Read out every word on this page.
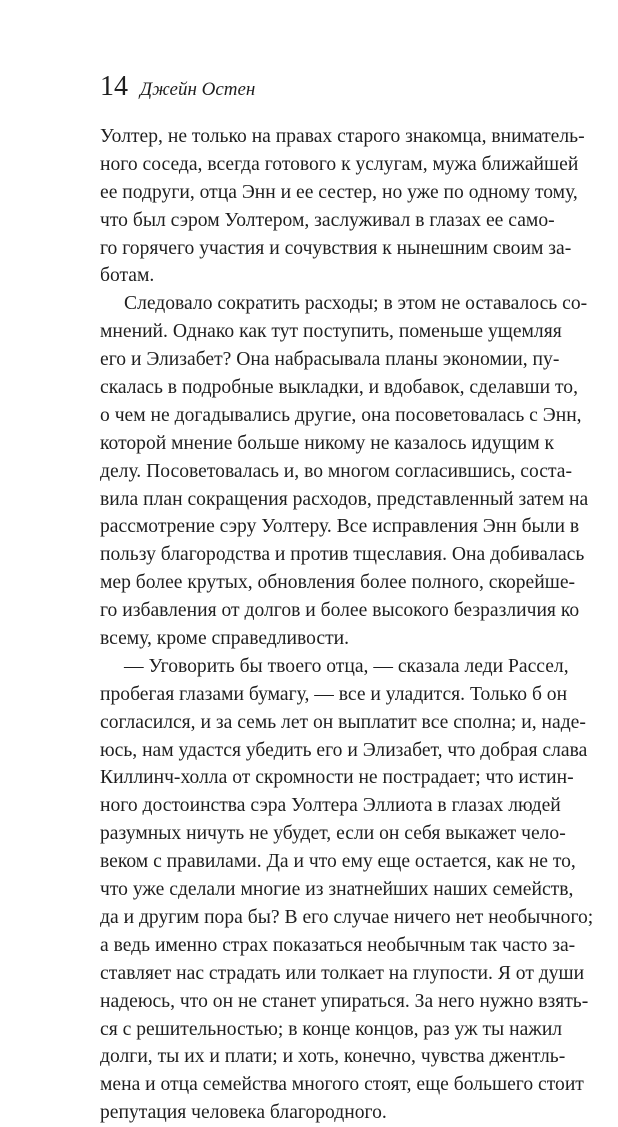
14 Джейн Остен
Уолтер, не только на правах старого знакомца, вниматель-
ного соседа, всегда готового к услугам, мужа ближайшей
ее подруги, отца Энн и ее сестер, но уже по одному тому,
что был сэром Уолтером, заслуживал в глазах ее само-
го горячего участия и сочувствия к нынешним своим за-
ботам.
Следовало сократить расходы; в этом не оставалось со-
мнений. Однако как тут поступить, поменьше ущемляя
его и Элизабет? Она набрасывала планы экономии, пу-
скалась в подробные выкладки, и вдобавок, сделавши то,
о чем не догадывались другие, она посоветовалась с Энн,
которой мнение больше никому не казалось идущим к
делу. Посоветовалась и, во многом согласившись, соста-
вила план сокращения расходов, представленный затем на
рассмотрение сэру Уолтеру. Все исправления Энн были в
пользу благородства и против тщеславия. Она добивалась
мер более крутых, обновления более полного, скорейше-
го избавления от долгов и более высокого безразличия ко
всему, кроме справедливости.
— Уговорить бы твоего отца, — сказала леди Рассел,
пробегая глазами бумагу, — все и уладится. Только б он
согласился, и за семь лет он выплатит все сполна; и, наде-
юсь, нам удастся убедить его и Элизабет, что добрая слава
Киллинч-холла от скромности не пострадает; что истин-
ного достоинства сэра Уолтера Эллиота в глазах людей
разумных ничуть не убудет, если он себя выкажет чело-
веком с правилами. Да и что ему еще остается, как не то,
что уже сделали многие из знатнейших наших семейств,
да и другим пора бы? В его случае ничего нет необычного;
а ведь именно страх показаться необычным так часто за-
ставляет нас страдать или толкает на глупости. Я от души
надеюсь, что он не станет упираться. За него нужно взять-
ся с решительностью; в конце концов, раз уж ты нажил
долги, ты их и плати; и хоть, конечно, чувства джентль-
мена и отца семейства многого стоят, еще большего стоит
репутация человека благородного.
